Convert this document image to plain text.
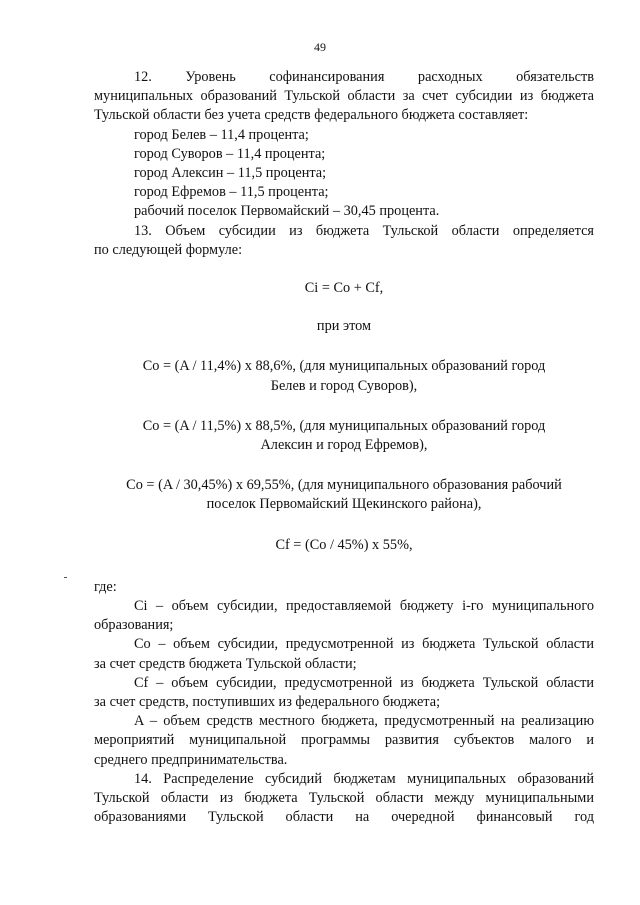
49

12. Уровень софинансирования расходных обязательств

муниципальных образований Тульской области за счет субсидии из бюджета

Тульской области без учета средств федерального бюджета составляет:

город Белев – 11,4 процента;

город Суворов – 11,4 процента;

город Алексин – 11,5 процента;

город Ефремов – 11,5 процента;

рабочий поселок Первомайский – 30,45 процента.

13. Объем субсидии из бюджета Тульской области определяется

по следующей формуле:

Ci = Co + Cf,

при этом

Co = (A / 11,4%) x 88,6%, (для муниципальных образований город

Белев и город Суворов),

Co = (A / 11,5%) x 88,5%, (для муниципальных образований город

Алексин и город Ефремов),

Co = (A / 30,45%) x 69,55%, (для муниципального образования рабочий

поселок Первомайский Щекинского района),

Cf = (Co / 45%) x 55%,

где:

Ci – объем субсидии, предоставляемой бюджету i-го муниципального

образования;

Co – объем субсидии, предусмотренной из бюджета Тульской области

за счет средств бюджета Тульской области;

Cf – объем субсидии, предусмотренной из бюджета Тульской области

за счет средств, поступивших из федерального бюджета;

A – объем средств местного бюджета, предусмотренный на реализацию

мероприятий муниципальной программы развития субъектов малого и

среднего предпринимательства.

14. Распределение субсидий бюджетам муниципальных образований

Тульской области из бюджета Тульской области между муниципальными

образованиями Тульской области на очередной финансовый год
